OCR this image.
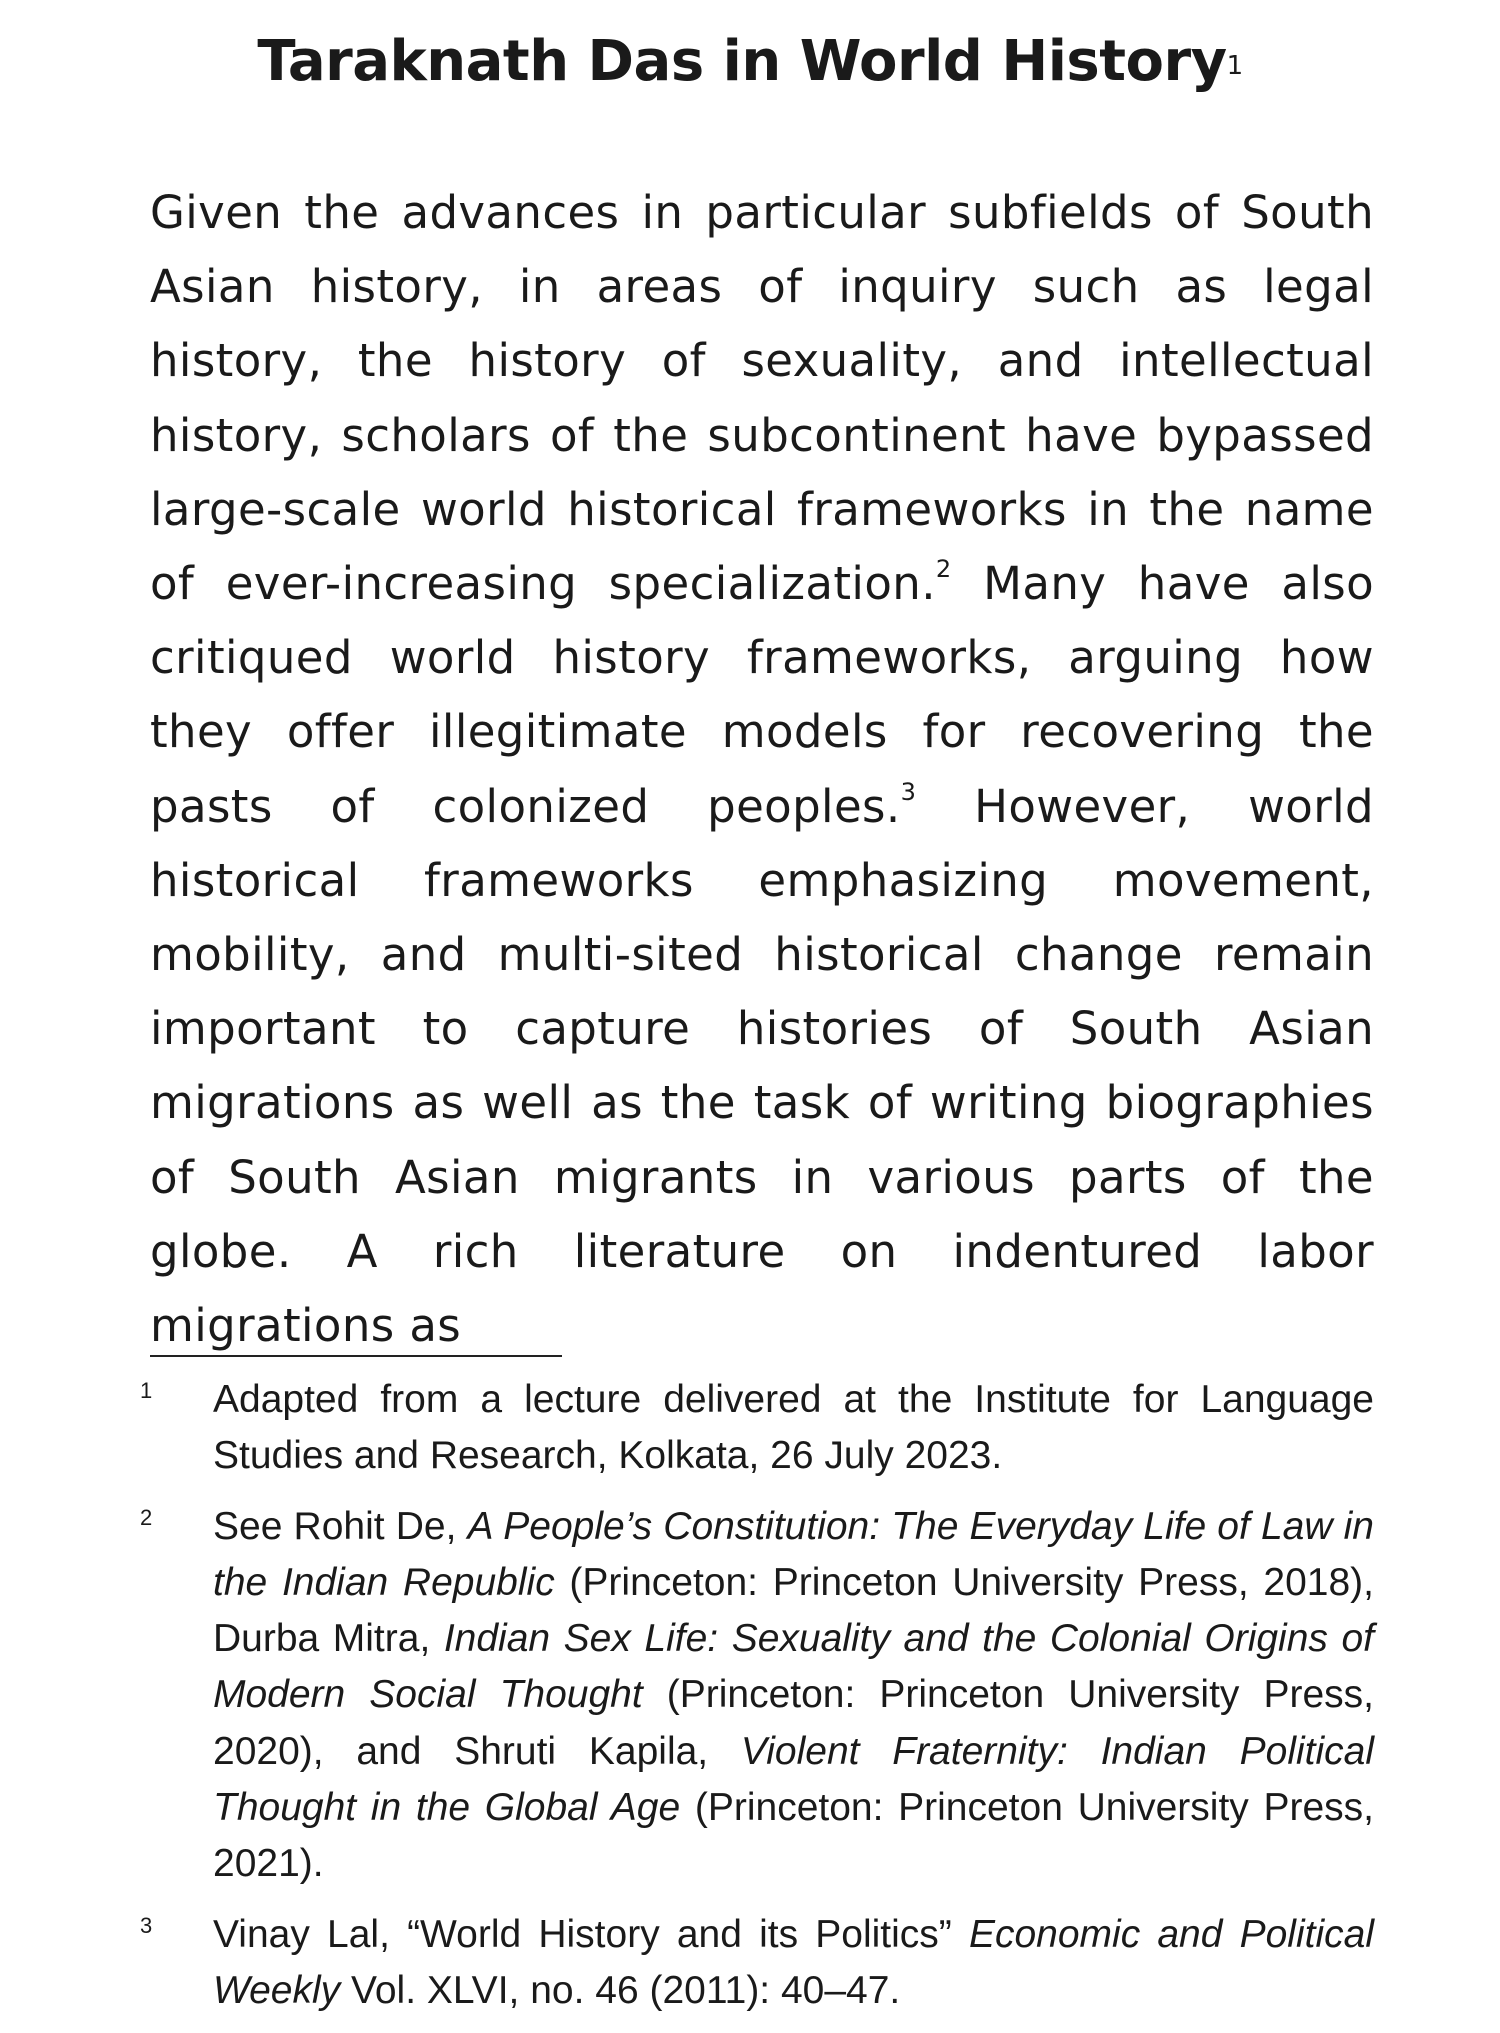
Taraknath Das in World History$^1$

Given the advances in particular subfields of South Asian history, in areas of inquiry such as legal history, the history of sexuality, and intellectual history, scholars of the subcontinent have bypassed large-scale world historical frameworks in the name of ever-increasing specialization.$^2$ Many have also critiqued world history frameworks, arguing how they offer illegitimate models for recovering the pasts of colonized peoples.$^3$ However, world historical frameworks emphasizing movement, mobility, and multi-sited historical change remain important to capture histories of South Asian migrations as well as the task of writing biographies of South Asian migrants in various parts of the globe. A rich literature on indentured labor migrations as

1 Adapted from a lecture delivered at the Institute for Language Studies and Research, Kolkata, 26 July 2023.
2 See Rohit De, A People’s Constitution: The Everyday Life of Law in the Indian Republic (Princeton: Princeton University Press, 2018), Durba Mitra, Indian Sex Life: Sexuality and the Colonial Origins of Modern Social Thought (Princeton: Princeton University Press, 2020), and Shruti Kapila, Violent Fraternity: Indian Political Thought in the Global Age (Princeton: Princeton University Press, 2021).
3 Vinay Lal, “World History and its Politics” Economic and Political Weekly Vol. XLVI, no. 46 (2011): 40–47.
